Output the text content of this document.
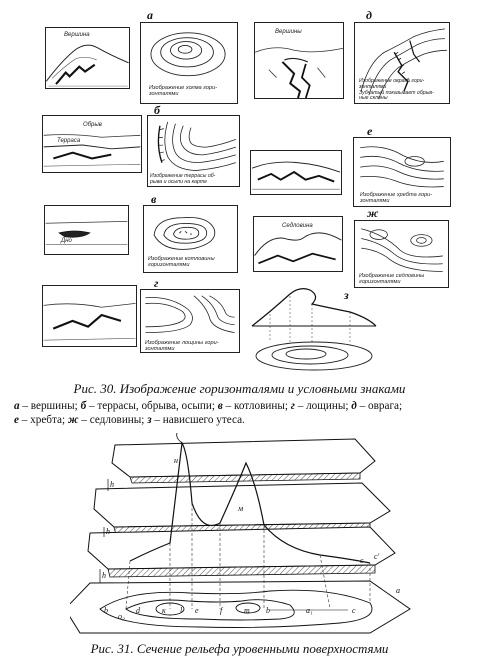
Вершина
Изображение холма гори-
зонталями
а
Вершины
Изображение оврага гори-
зонталями
Зубчатый показывает обрыв-
ные склоны
д
Терраса
Обрыв
Изображение террасы об-
рыва и осыпи на карте
б
Изображение хребта гори-
зонталями
е
Дно
Изображение котловины
горизонталями
в
Седловина
Изображение седловины
горизонталями
ж
Изображение лощины гори-
зонталями
г
з
Рис. 30. Изображение горизонталями и условными знаками
а – вершины; б – террасы, обрыва, осыпи; в – котловины; г – лощины; д – оврага;
е – хребта; ж – седловины; з – нависшего утеса.
н
м
h
h
h
c c'
a
к l e	f	m
b	d
o₂
a₁
b	c
Рис. 31. Сечение рельефа уровенными поверхностями
